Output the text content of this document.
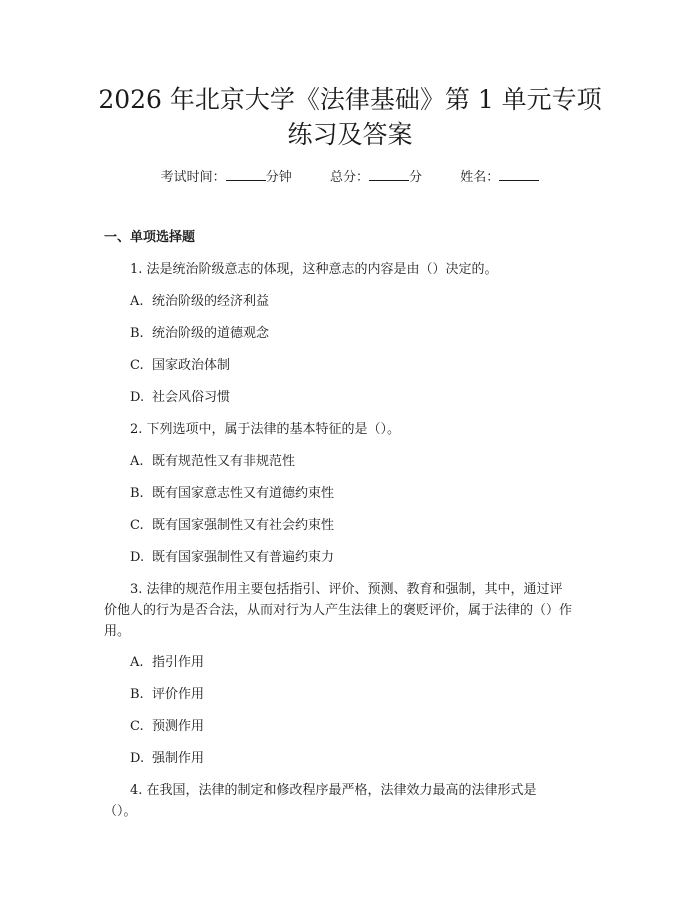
2026 年北京大学《法律基础》第 1 单元专项
练习及答案
考试时间：	分钟	总分：	分	姓名：
一、单项选择题
1. 法是统治阶级意志的体现，这种意志的内容是由（）决定的。
A. 统治阶级的经济利益
B. 统治阶级的道德观念
C. 国家政治体制
D. 社会风俗习惯
2. 下列选项中，属于法律的基本特征的是（）。
A. 既有规范性又有非规范性
B. 既有国家意志性又有道德约束性
C. 既有国家强制性又有社会约束性
D. 既有国家强制性又有普遍约束力
3. 法律的规范作用主要包括指引、评价、预测、教育和强制，其中，通过评
价他人的行为是否合法，从而对行为人产生法律上的褒贬评价，属于法律的（）作
用。
A. 指引作用
B. 评价作用
C. 预测作用
D. 强制作用
4. 在我国，法律的制定和修改程序最严格，法律效力最高的法律形式是
（）。
